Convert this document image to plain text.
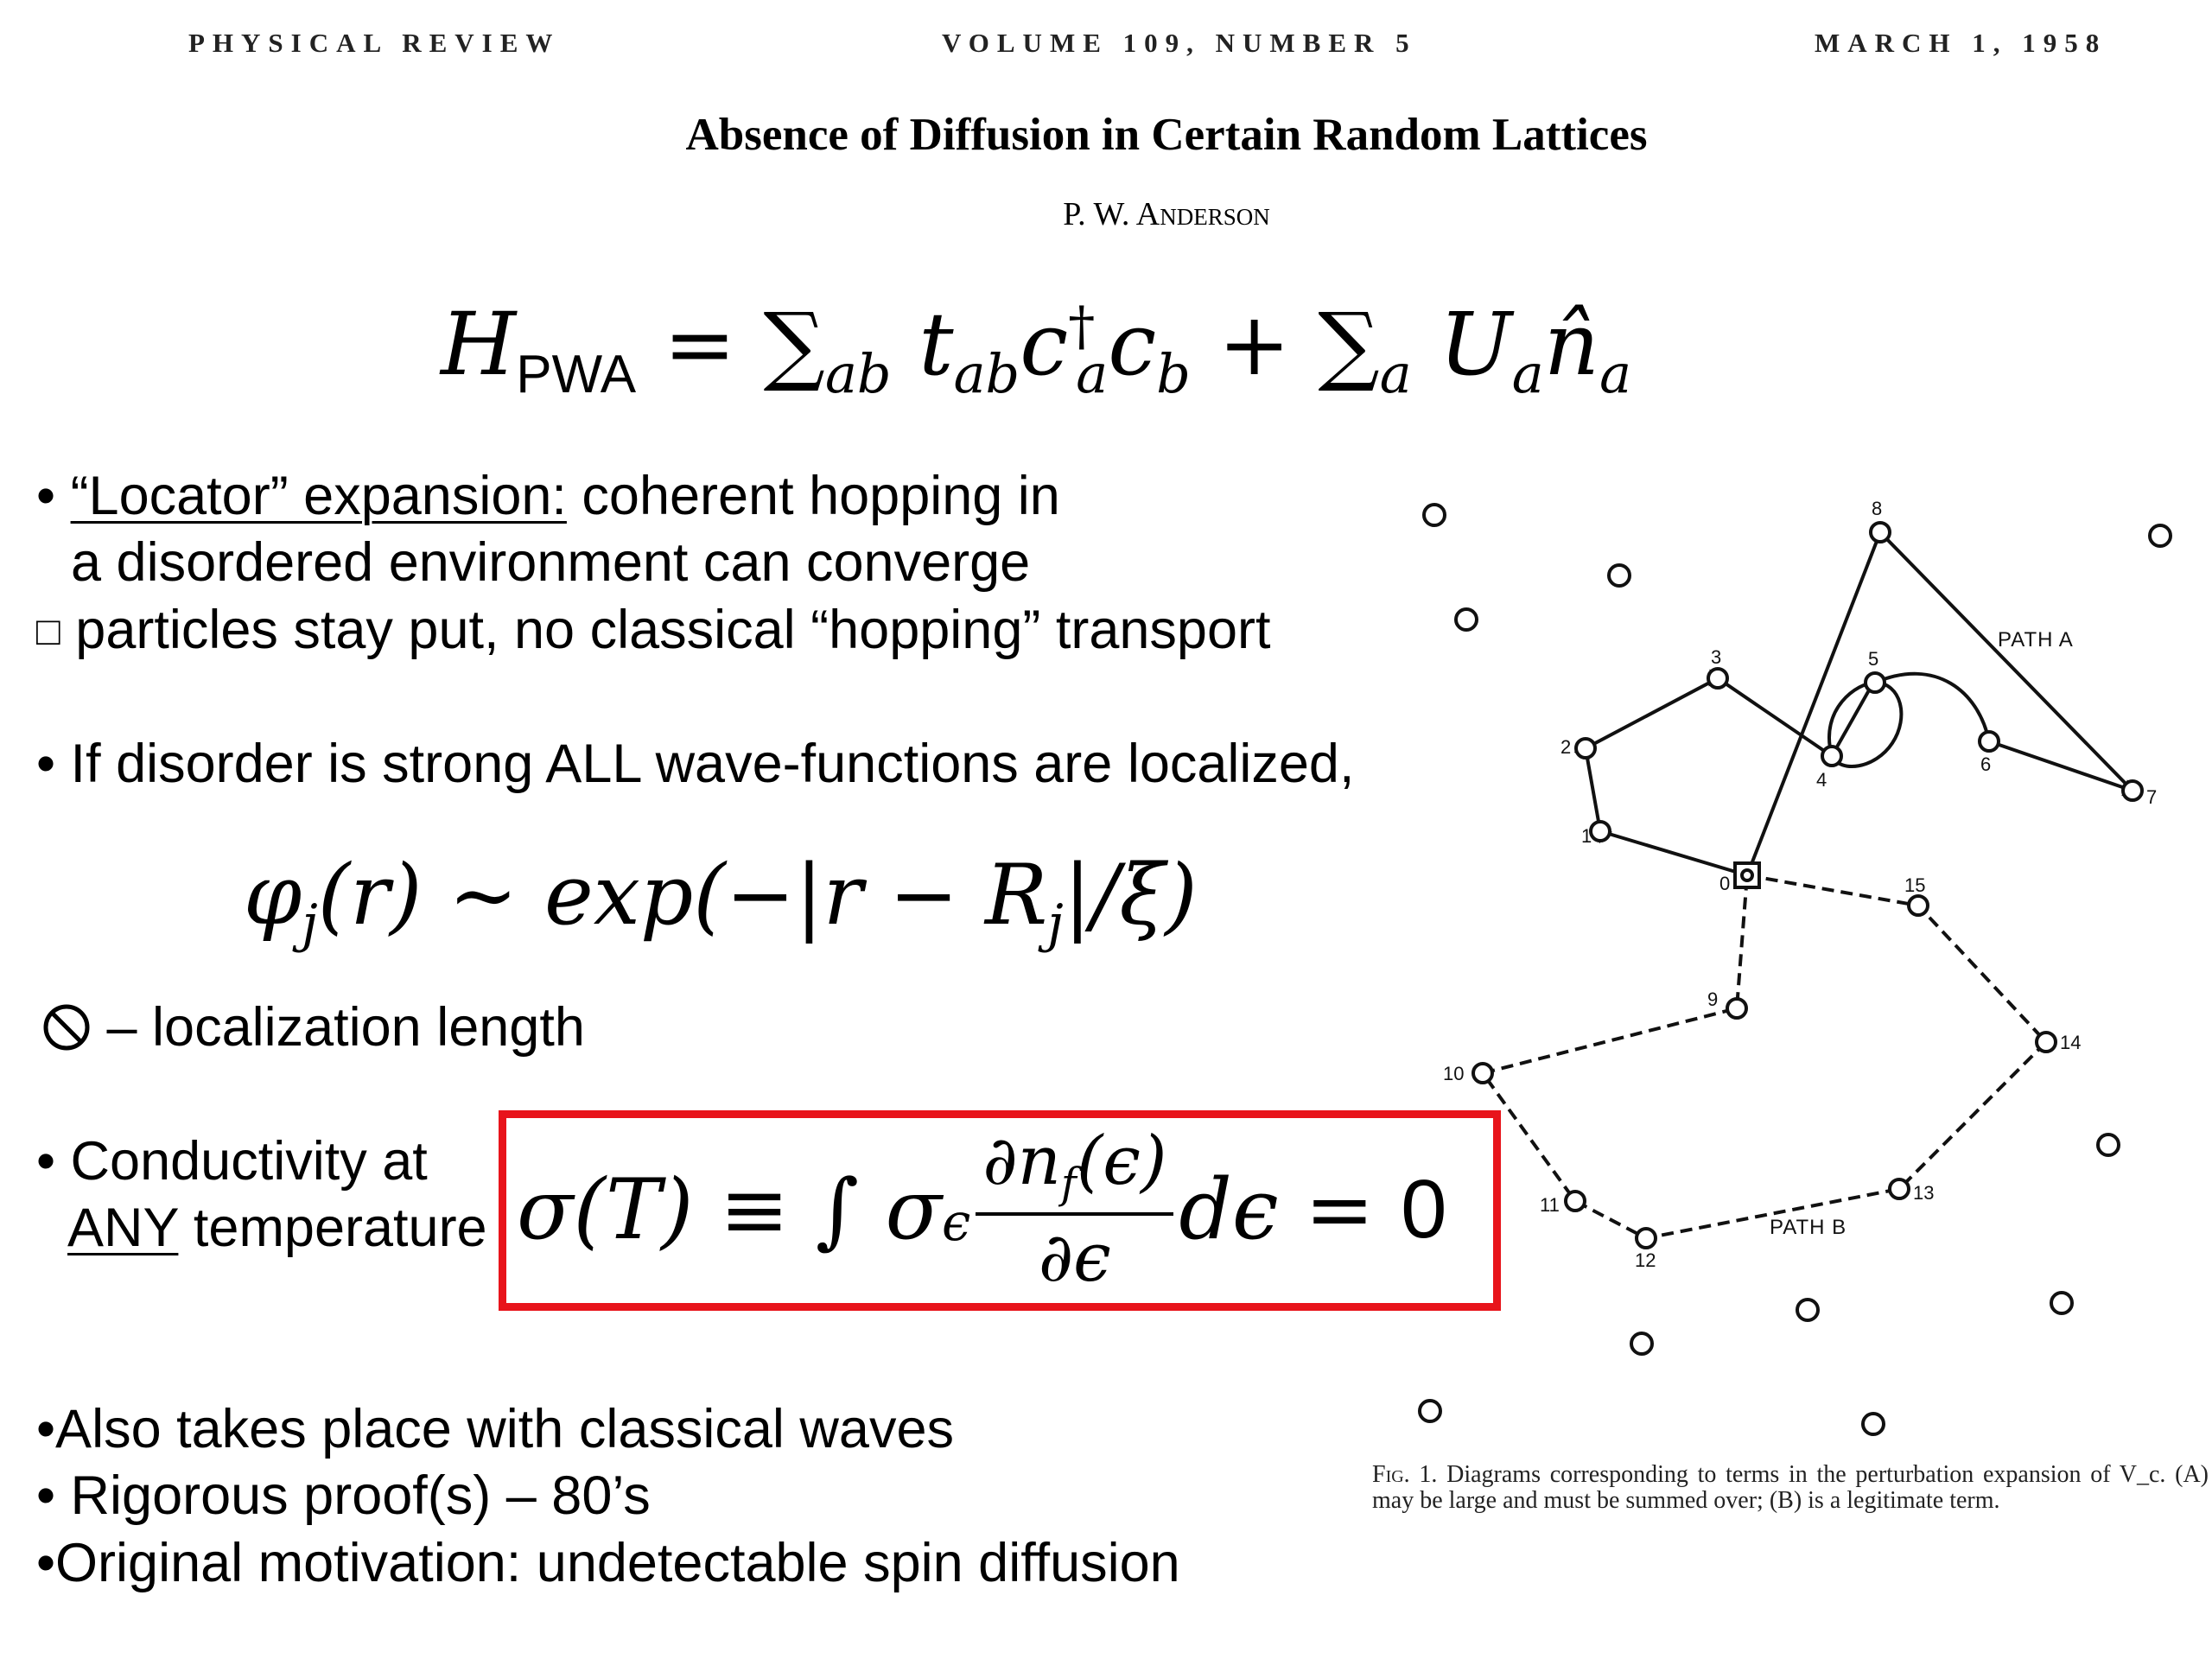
PHYSICAL REVIEW	VOLUME 109, NUMBER 5	MARCH 1, 1958
Absence of Diffusion in Certain Random Lattices
P. W. Anderson
$H_{PWA} = \sum_{ab}$ $t_{ab}c^\dagger_ac_b + \sum_a$ $U_an̂_a$
• “Locator” expansion: coherent hopping in
a disordered environment can converge
□ particles stay put, no classical “hopping” transport
• If disorder is strong ALL wave-functions are localized,
$\varphi_j(r)$ ∼ $\exp(-|r - R_j|/\xi)$
– localization length
• Conductivity at
ANY temperature σ(T)
≡
∫
σ ϵ $\frac{\partial n_f(\epsilon)}{\partial\epsilon}$ dϵ
=
0
•Also takes place with classical waves
• Rigorous proof(s) – 80’s
•Original motivation: undetectable spin diffusion
0
1
2
3
4
5
6
7
8
9
10
11
12
13
14
15
PATH A
PATH B
Fig. 1. Diagrams corresponding to terms in the perturbation expansion of V_c. (A) may be large and must be summed over; (B) is a legitimate term.
